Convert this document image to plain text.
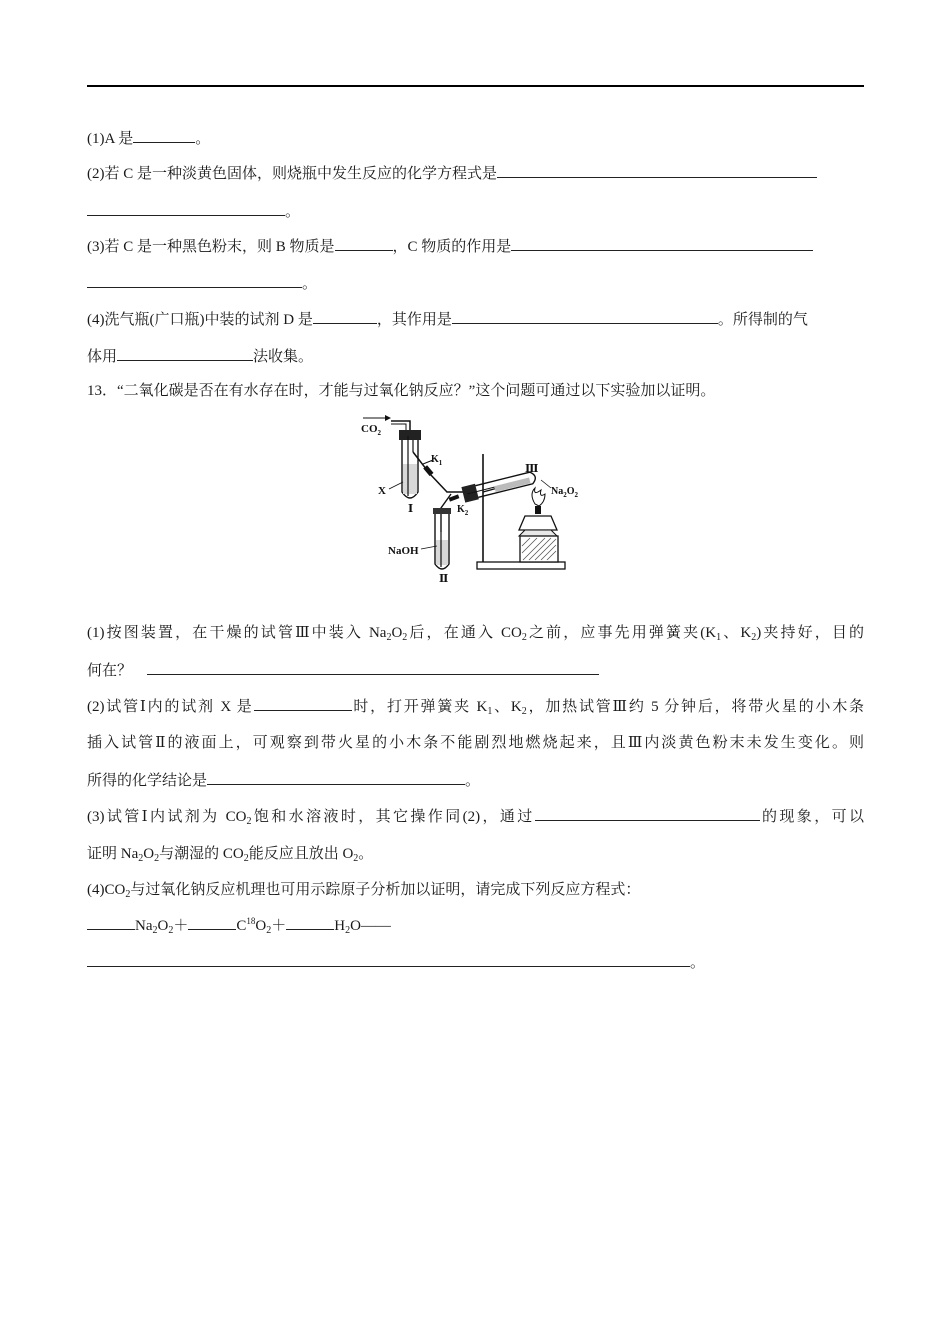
(1)A 是	。
(2)若 C 是一种淡黄色固体，则烧瓶中发生反应的化学方程式是
。
(3)若 C 是一种黑色粉末，则 B 物质是	，C 物质的作用是
。
(4)洗气瓶(广口瓶)中装的试剂 D 是	，其作用是	。所得制的气
体用	法收集。
13．“二氧化碳是否在有水存在时，才能与过氧化钠反应？”这个问题可通过以下实验加以证明。
$CO_2$
X
Ⅰ
$K_1$
$K_2$
NaOH
Ⅱ
Ⅲ
$Na_2O_2$
(1)按图装置，在干燥的试管Ⅲ中装入 $Na_2O_2$后，在通入 $CO_2$之前，应事先用弹簧夹($K_1$、$K_2$)夹持好，目的
何在？
(2)试管Ⅰ内的试剂 X 是	时，打开弹簧夹 $K_1$、$K_2$，加热试管Ⅲ约 5 分钟后，将带火星的小木条
插入试管Ⅱ的液面上，可观察到带火星的小木条不能剧烈地燃烧起来，且Ⅲ内淡黄色粉末未发生变化。则
所得的化学结论是	。
(3)试管Ⅰ内试剂为 $CO_2$饱和水溶液时，其它操作同(2)，通过	的现象，可以
证明 $Na_2O_2$与潮湿的 $CO_2$能反应且放出 $O_2$。
$(4)CO_2$与过氧化钠反应机理也可用示踪原子分析加以证明，请完成下列反应方程式：
$Na_2O_2+$	$C^{18}O_2+$	$H_2O——$
。
